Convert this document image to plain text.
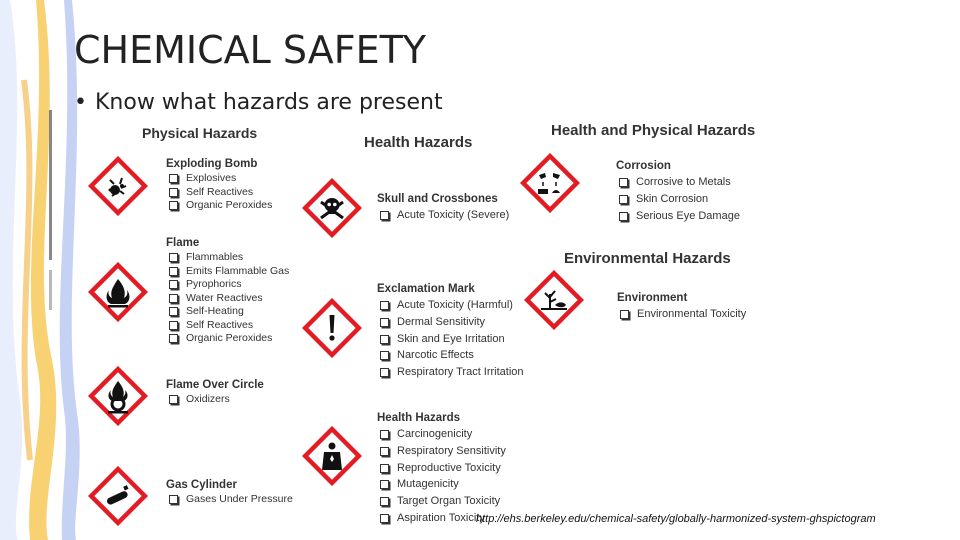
CHEMICAL SAFETY
• Know what hazards are present
Physical Hazards
Health Hazards
Health and Physical Hazards
Environmental Hazards
Exploding Bomb
Explosives
Self Reactives
Organic Peroxides
Flame
Flammables
Emits Flammable Gas
Pyrophorics
Water Reactives
Self-Heating
Self Reactives
Organic Peroxides
Flame Over Circle
Oxidizers
Gas Cylinder
Gases Under Pressure
Skull and Crossbones
Acute Toxicity (Severe)
Exclamation Mark
Acute Toxicity (Harmful)
Dermal Sensitivity
Skin and Eye Irritation
Narcotic Effects
Respiratory Tract Irritation
Health Hazards
Carcinogenicity
Respiratory Sensitivity
Reproductive Toxicity
Mutagenicity
Target Organ Toxicity
Aspiration Toxicity
Corrosion
Corrosive to Metals
Skin Corrosion
Serious Eye Damage
Environment
Environmental Toxicity
http://ehs.berkeley.edu/chemical-safety/globally-harmonized-system-ghspictogram
